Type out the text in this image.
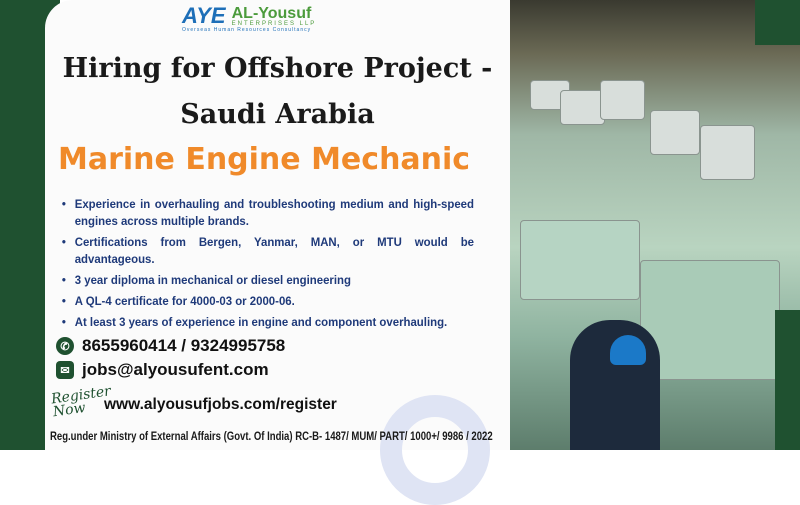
AYE AL-Yousuf
ENTERPRISES LLP
Overseas Human Resources Consultancy
Hiring for Offshore Project -
Saudi Arabia
Marine Engine Mechanic
• Experience in overhauling and troubleshooting medium and high-speed engines across multiple brands.
• Certifications from Bergen, Yanmar, MAN, or MTU would be advantageous.
• 3 year diploma in mechanical or diesel engineering
• A QL-4 certificate for 4000-03 or 2000-06.
• At least 3 years of experience in engine and component overhauling.
✆ 8655960414 / 9324995758
✉ jobs@alyousufent.com
Register Now	www.alyousufjobs.com/register
Reg.under Ministry of External Affairs (Govt. Of India) RC-B- 1487/ MUM/ PART/ 1000+/ 9986 / 2022
